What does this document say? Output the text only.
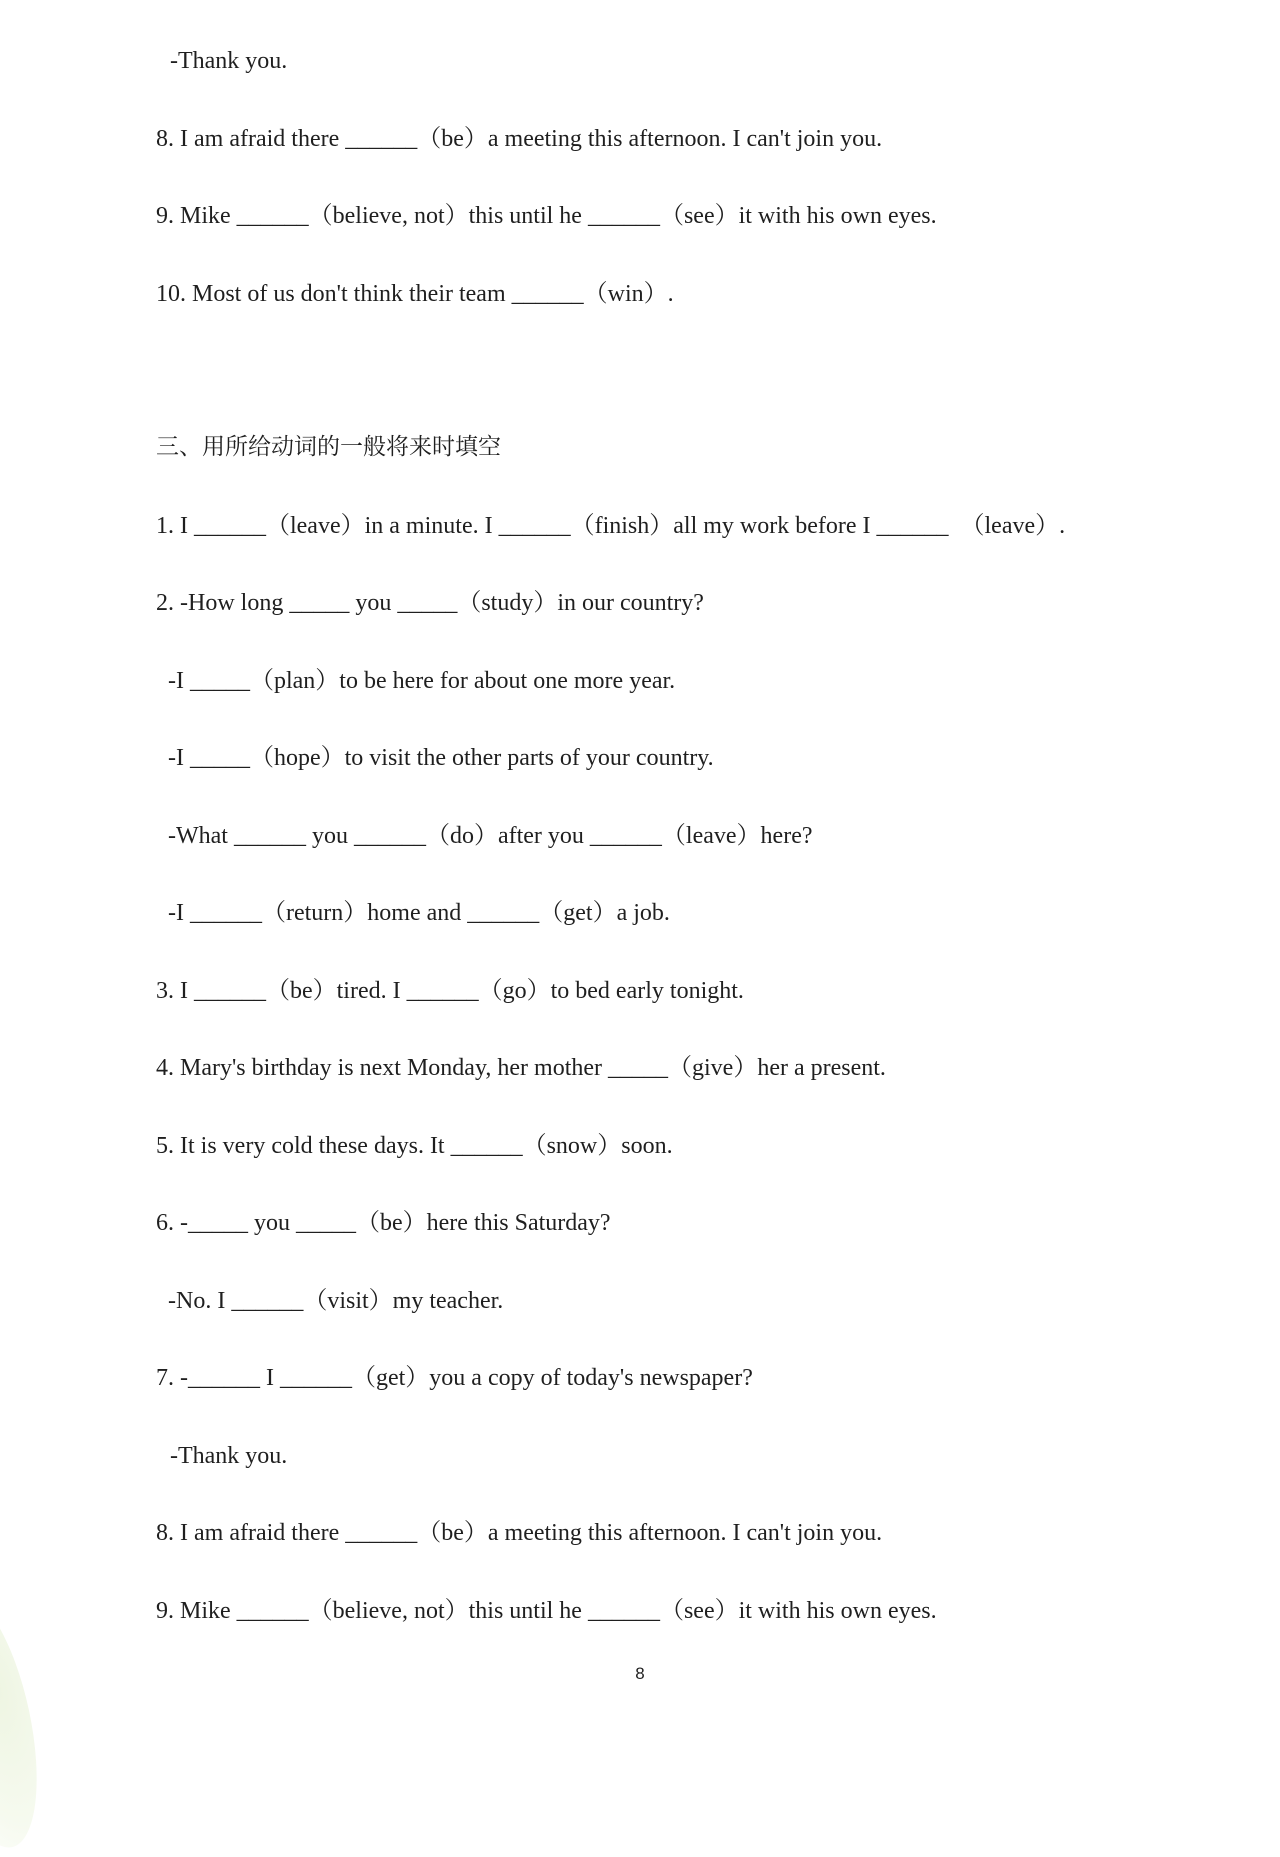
-Thank you.
8. I am afraid there ______（be）a meeting this afternoon. I can't join you.
9. Mike ______（believe, not）this until he ______（see）it with his own eyes.
10. Most of us don't think their team ______（win）.
三、用所给动词的一般将来时填空
1. I ______（leave）in a minute. I ______（finish）all my work before I ______  （leave）.
2. -How long _____ you _____（study）in our country?
-I _____（plan）to be here for about one more year.
-I _____（hope）to visit the other parts of your country.
-What ______ you ______（do）after you ______（leave）here?
-I ______（return）home and ______（get）a job.
3. I ______（be）tired. I ______（go）to bed early tonight.
4. Mary's birthday is next Monday, her mother _____（give）her a present.
5. It is very cold these days. It ______（snow）soon.
6. -_____ you _____（be）here this Saturday?
-No. I ______（visit）my teacher.
7. -______ I ______（get）you a copy of today's newspaper?
-Thank you.
8. I am afraid there ______（be）a meeting this afternoon. I can't join you.
9. Mike ______（believe, not）this until he ______（see）it with his own eyes.
8
